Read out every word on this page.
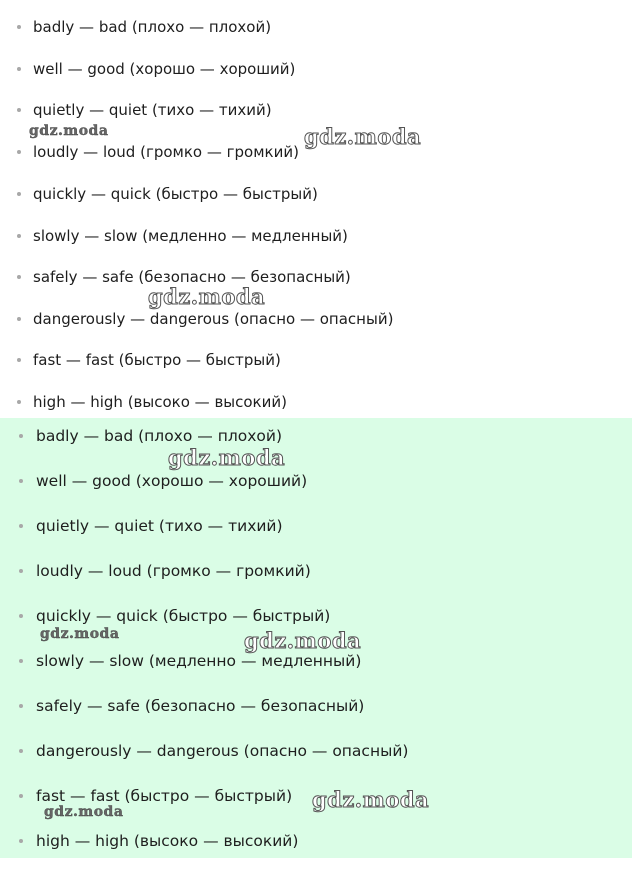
badly — bad (плохо — плохой)
well — good (хорошо — хороший)
quietly — quiet (тихо — тихий)
loudly — loud (громко — громкий)
quickly — quick (быстро — быстрый)
slowly — slow (медленно — медленный)
safely — safe (безопасно — безопасный)
dangerously — dangerous (опасно — опасный)
fast — fast (быстро — быстрый)
high — high (высоко — высокий)
badly — bad (плохо — плохой)
well — good (хорошо — хороший)
quietly — quiet (тихо — тихий)
loudly — loud (громко — громкий)
quickly — quick (быстро — быстрый)
slowly — slow (медленно — медленный)
safely — safe (безопасно — безопасный)
dangerously — dangerous (опасно — опасный)
fast — fast (быстро — быстрый)
high — high (высоко — высокий)
gdz.moda	gdz.moda
gdz.moda
gdz.moda
gdz.moda	gdz.moda
gdz.moda
gdz.moda
